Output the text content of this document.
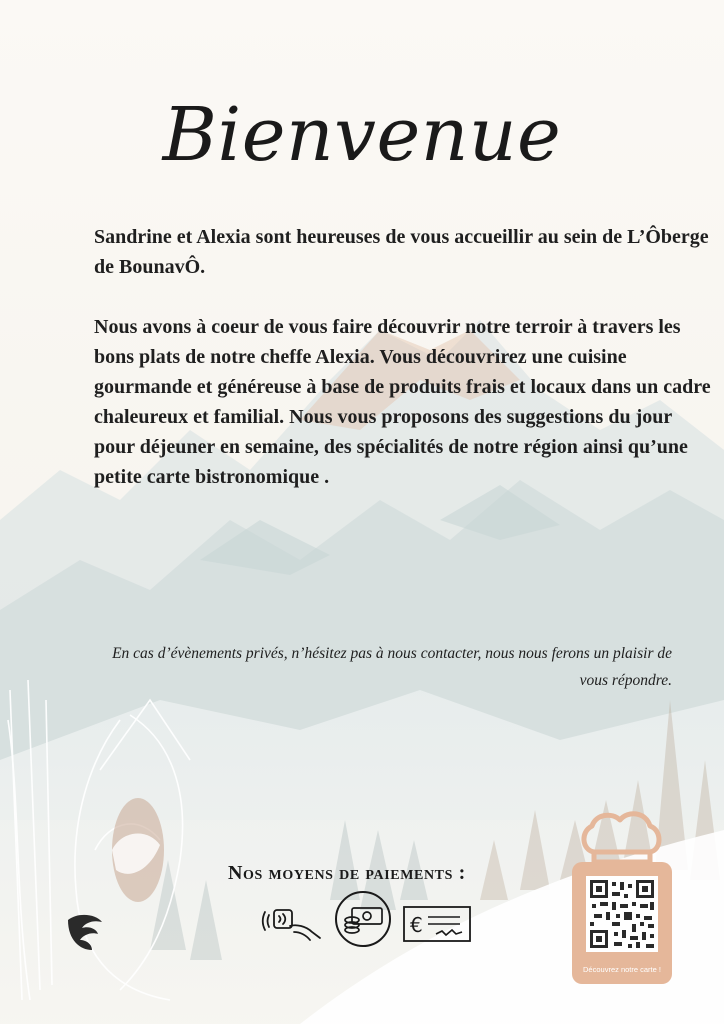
Bienvenue

Sandrine et Alexia sont heureuses de vous accueillir au sein de L’Ôberge de BounavÔ.

Nous avons à coeur de vous faire découvrir notre terroir à travers les bons plats de notre cheffe Alexia. Vous découvrirez une cuisine gourmande et généreuse à base de produits frais et locaux dans un cadre chaleureux et familial. Nous vous proposons des suggestions du jour pour déjeuner en semaine, des spécialités de notre région ainsi qu’une petite carte bistronomique .

En cas d’évènements privés, n’hésitez pas à nous contacter, nous nous ferons un plaisir de vous répondre.
Nos moyens de paiements :
€
Découvrez notre carte !
